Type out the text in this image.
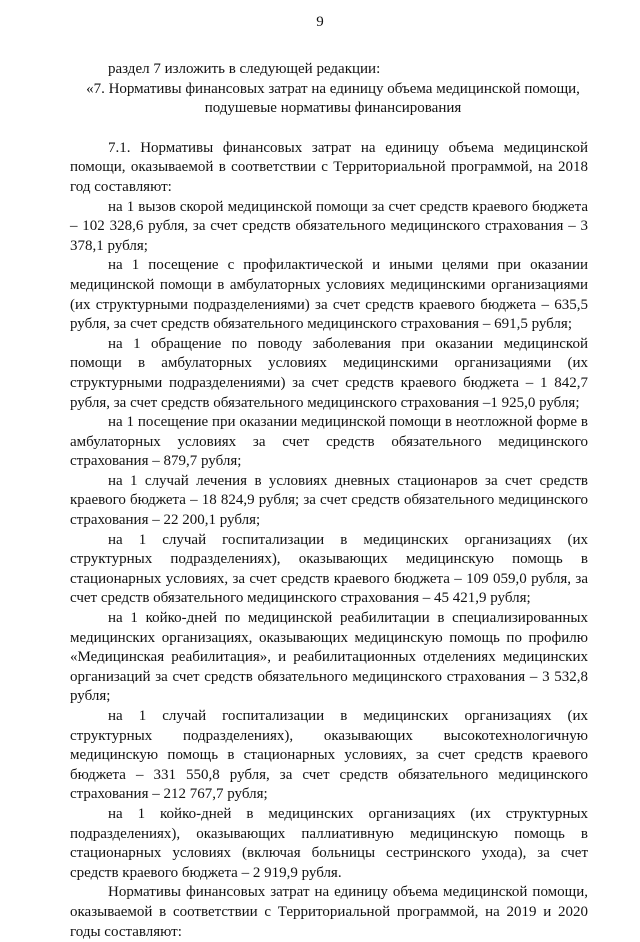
9

раздел 7 изложить в следующей редакции:

«7. Нормативы финансовых затрат на единицу объема медицинской помощи,
подушевые нормативы финансирования

7.1. Нормативы финансовых затрат на единицу объема медицинской помощи, оказываемой в соответствии с Территориальной программой, на 2018 год составляют:

на 1 вызов скорой медицинской помощи за счет средств краевого бюджета – 102 328,6 рубля, за счет средств обязательного медицинского страхования – 3 378,1 рубля;

на 1 посещение с профилактической и иными целями при оказании медицинской помощи в амбулаторных условиях медицинскими организациями (их структурными подразделениями) за счет средств краевого бюджета – 635,5 рубля, за счет средств обязательного медицинского страхования – 691,5 рубля;

на 1 обращение по поводу заболевания при оказании медицинской помощи в амбулаторных условиях медицинскими организациями (их структурными подразделениями) за счет средств краевого бюджета – 1 842,7 рубля, за счет средств обязательного медицинского страхования –1 925,0 рубля;

на 1 посещение при оказании медицинской помощи в неотложной форме в амбулаторных условиях за счет средств обязательного медицинского страхования – 879,7 рубля;

на 1 случай лечения в условиях дневных стационаров за счет средств краевого бюджета – 18 824,9 рубля; за счет средств обязательного медицинского страхования – 22 200,1 рубля;

на 1 случай госпитализации в медицинских организациях (их структурных подразделениях), оказывающих медицинскую помощь в стационарных условиях, за счет средств краевого бюджета – 109 059,0 рубля, за счет средств обязательного медицинского страхования – 45 421,9 рубля;

на 1 койко-дней по медицинской реабилитации в специализированных медицинских организациях, оказывающих медицинскую помощь по профилю «Медицинская реабилитация», и реабилитационных отделениях медицинских организаций за счет средств обязательного медицинского страхования – 3 532,8 рубля;

на 1 случай госпитализации в медицинских организациях (их структурных подразделениях), оказывающих высокотехнологичную медицинскую помощь в стационарных условиях, за счет средств краевого бюджета – 331 550,8 рубля, за счет средств обязательного медицинского страхования – 212 767,7 рубля;

на 1 койко-дней в медицинских организациях (их структурных подразделениях), оказывающих паллиативную медицинскую помощь в стационарных условиях (включая больницы сестринского ухода), за счет средств краевого бюджета – 2 919,9 рубля.

Нормативы финансовых затрат на единицу объема медицинской помощи, оказываемой в соответствии с Территориальной программой, на 2019 и 2020 годы составляют:
